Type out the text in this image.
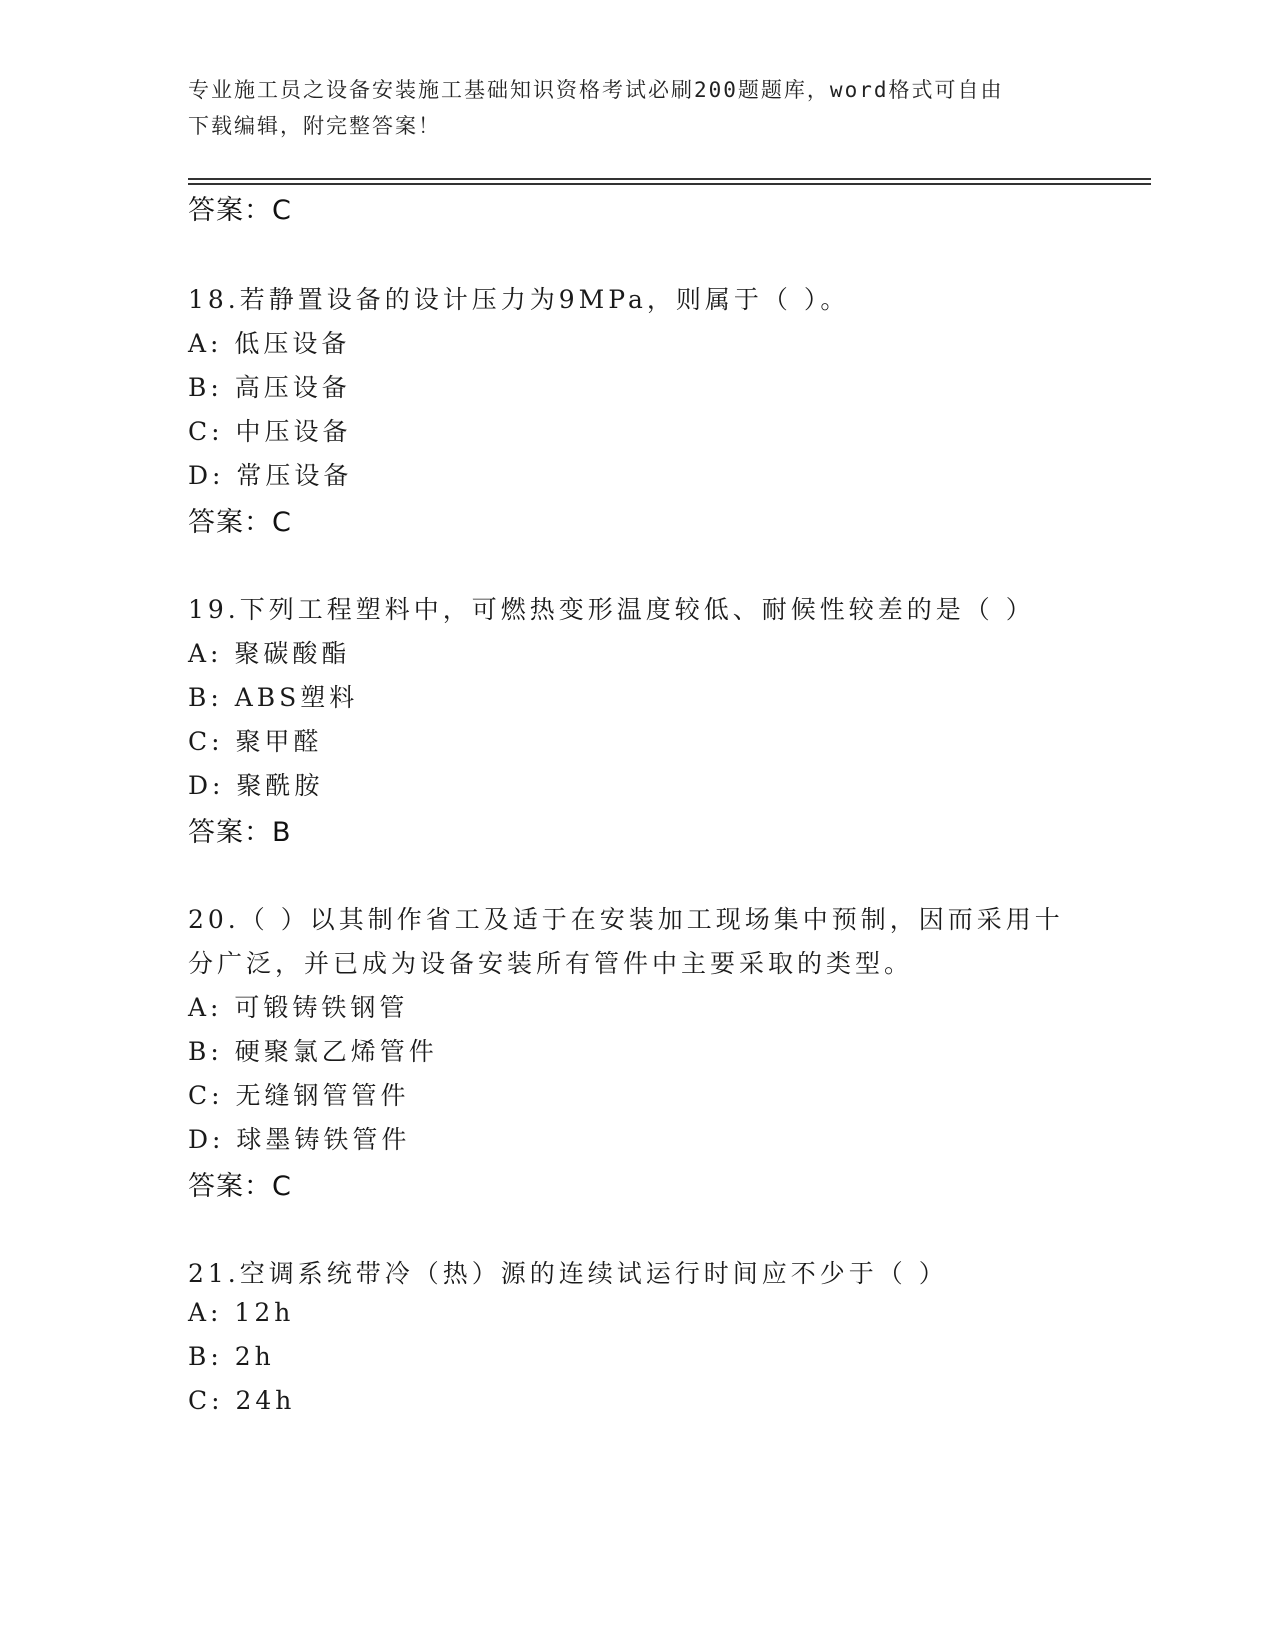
专业施工员之设备安装施工基础知识资格考试必刷200题题库，word格式可自由
下载编辑，附完整答案！
答案：C
18.若静置设备的设计压力为9MPa，则属于（ ）。
A: 低压设备
B: 高压设备
C: 中压设备
D: 常压设备
答案：C
19.下列工程塑料中，可燃热变形温度较低、耐候性较差的是（ ）
A: 聚碳酸酯
B: ABS塑料
C: 聚甲醛
D: 聚酰胺
答案：B
20.（ ）以其制作省工及适于在安装加工现场集中预制，因而采用十
分广泛，并已成为设备安装所有管件中主要采取的类型。
A: 可锻铸铁钢管
B: 硬聚氯乙烯管件
C: 无缝钢管管件
D: 球墨铸铁管件
答案：C
21.空调系统带冷（热）源的连续试运行时间应不少于（ ）
A: 12h
B: 2h
C: 24h
